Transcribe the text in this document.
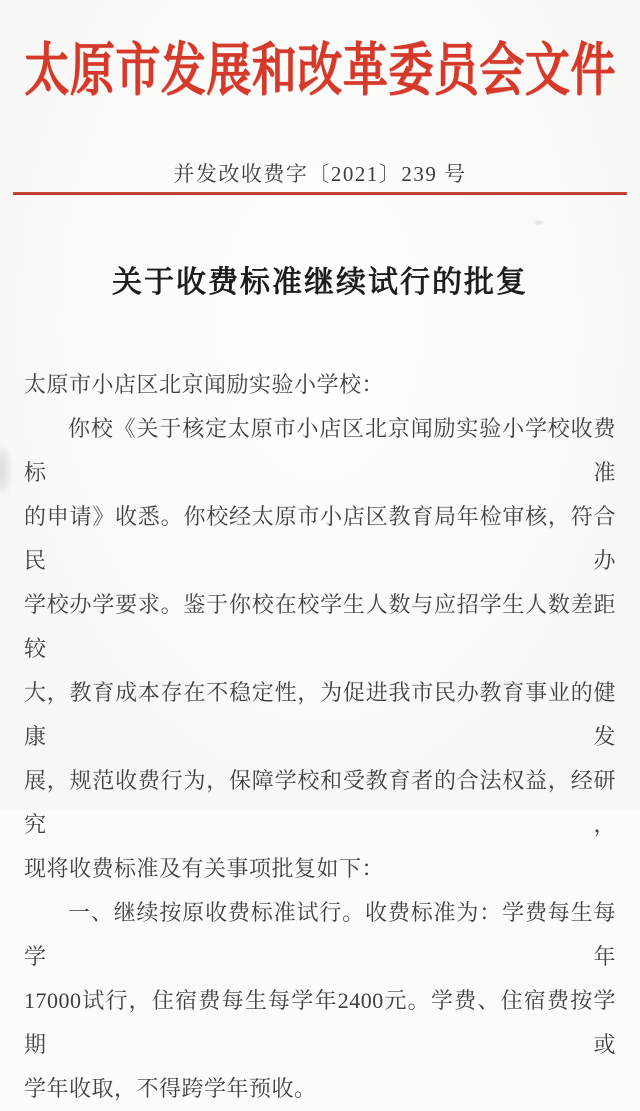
太原市发展和改革委员会文件
并发改收费字〔2021〕239 号
关于收费标准继续试行的批复
太原市小店区北京闻励实验小学校：
你校《关于核定太原市小店区北京闻励实验小学校收费标准
的申请》收悉。你校经太原市小店区教育局年检审核，符合民办
学校办学要求。鉴于你校在校学生人数与应招学生人数差距较
大，教育成本存在不稳定性，为促进我市民办教育事业的健康发
展，规范收费行为，保障学校和受教育者的合法权益，经研究，
现将收费标准及有关事项批复如下：
一、继续按原收费标准试行。收费标准为：学费每生每学年
17000试行，住宿费每生每学年2400元。学费、住宿费按学期或
学年收取，不得跨学年预收。
